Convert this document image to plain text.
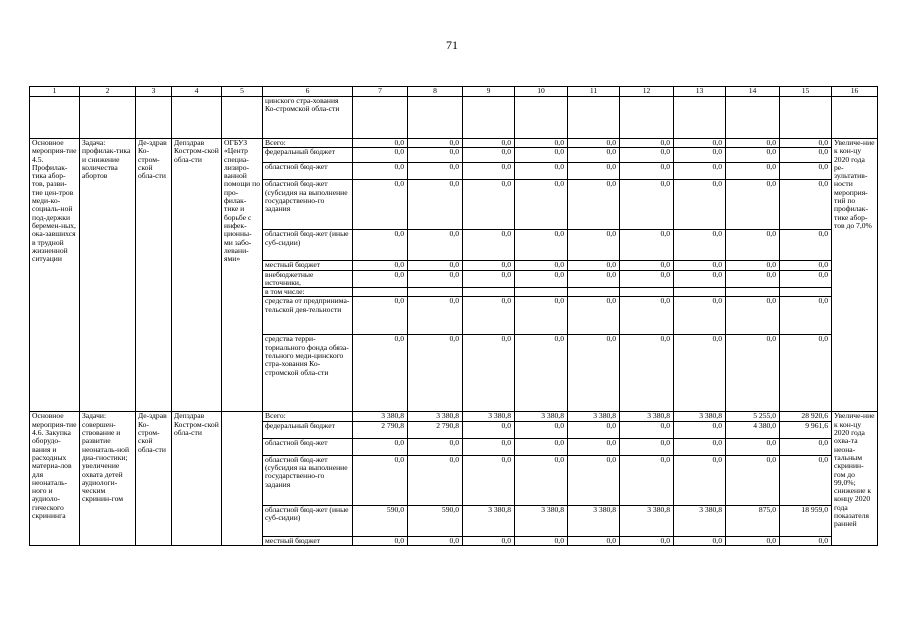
71
1	2	3	4	5	6	7	8	9	10	11	12	13	14	15	16
					цинского стра-хования Ко-стромской обла-сти										
Основное мероприя-тие 4.5. Профилак-тика абор-тов, разви-тие цен-тров меди-ко-социаль-ной под-держки беремен-ных, ока-завшихся в трудной жизненной ситуации	Задача: профилак-тика и снижение количества абортов	Де-здрав Ко-стром-ской обла-сти	Депздрав Костром-ской обла-сти	ОГБУЗ «Центр специа-лизиро-ванной помощи по про-филак-тике и борьбе с инфек-ционны-ми забо-левани-ями»	Всего:	0,0	0,0	0,0	0,0	0,0	0,0	0,0	0,0	0,0	Увеличе-ние к кон-цу 2020 года ре-зультатив-ности мероприя-тий по профилак-тике абор-тов до 7,0%
					федеральный бюджет	0,0	0,0	0,0	0,0	0,0	0,0	0,0	0,0	0,0	
					областной бюд-жет	0,0	0,0	0,0	0,0	0,0	0,0	0,0	0,0	0,0	
					областной бюд-жет (субсидия на выполнение государственно-го задания	0,0	0,0	0,0	0,0	0,0	0,0	0,0	0,0	0,0	
					областной бюд-жет (иные суб-сидии)	0,0	0,0	0,0	0,0	0,0	0,0	0,0	0,0	0,0	
					местный бюджет	0,0	0,0	0,0	0,0	0,0	0,0	0,0	0,0	0,0	
					внебюджетные источники,	0,0	0,0	0,0	0,0	0,0	0,0	0,0	0,0	0,0	
					в том числе:										
					средства от предпринима-тельской дея-тельности	0,0	0,0	0,0	0,0	0,0	0,0	0,0	0,0	0,0	
					средства терри-ториального фонда обяза-тельного меди-цинского стра-хования Ко-стромской обла-сти	0,0	0,0	0,0	0,0	0,0	0,0	0,0	0,0	0,0	
Основное мероприя-тие 4.6. Закупка оборудо-вания и расходных материа-лов для неонаталь-ного и аудиоло-гического скрининга	Задачи: совершен-ствование и развитие неонаталь-ной диа-гностики; увеличение охвата детей аудиологи-ческим скринин-гом	Де-здрав Ко-стром-ской обла-сти	Депздрав Костром-ской обла-сти		Всего:	3 380,8	3 380,8	3 380,8	3 380,8	3 380,8	3 380,8	3 380,8	5 255,0	28 920,6	Увеличе-ние к кон-цу 2020 года охва-та неона-тальным скринин-гом до 99,0%; снижение к концу 2020 года показателя ранней
					федеральный бюджет	2 790,8	2 790,8	0,0	0,0	0,0	0,0	0,0	4 380,0	9 961,6	
					областной бюд-жет	0,0	0,0	0,0	0,0	0,0	0,0	0,0	0,0	0,0	
					областной бюд-жет (субсидия на выполнение государственно-го задания	0,0	0,0	0,0	0,0	0,0	0,0	0,0	0,0	0,0	
					областной бюд-жет (иные суб-сидии)	590,0	590,0	3 380,8	3 380,8	3 380,8	3 380,8	3 380,8	875,0	18 959,0	
					местный бюджет	0,0	0,0	0,0	0,0	0,0	0,0	0,0	0,0	0,0	
